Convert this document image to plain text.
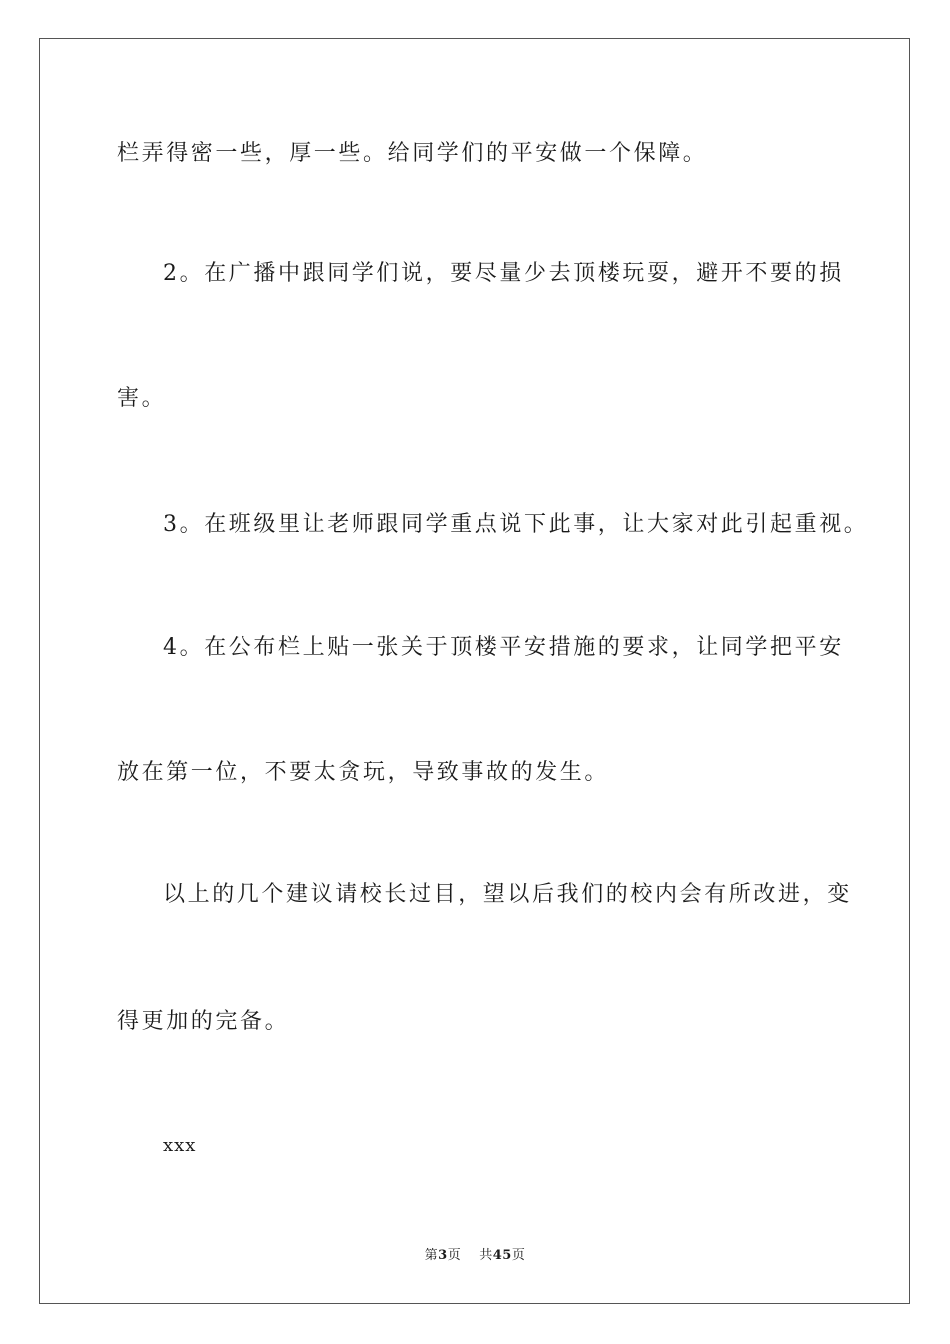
栏弄得密一些，厚一些。给同学们的平安做一个保障。
2。在广播中跟同学们说，要尽量少去顶楼玩耍，避开不要的损
害。
3。在班级里让老师跟同学重点说下此事，让大家对此引起重视。
4。在公布栏上贴一张关于顶楼平安措施的要求，让同学把平安
放在第一位，不要太贪玩，导致事故的发生。
以上的几个建议请校长过目，望以后我们的校内会有所改进，变
得更加的完备。
xxx
第3页 共45页
